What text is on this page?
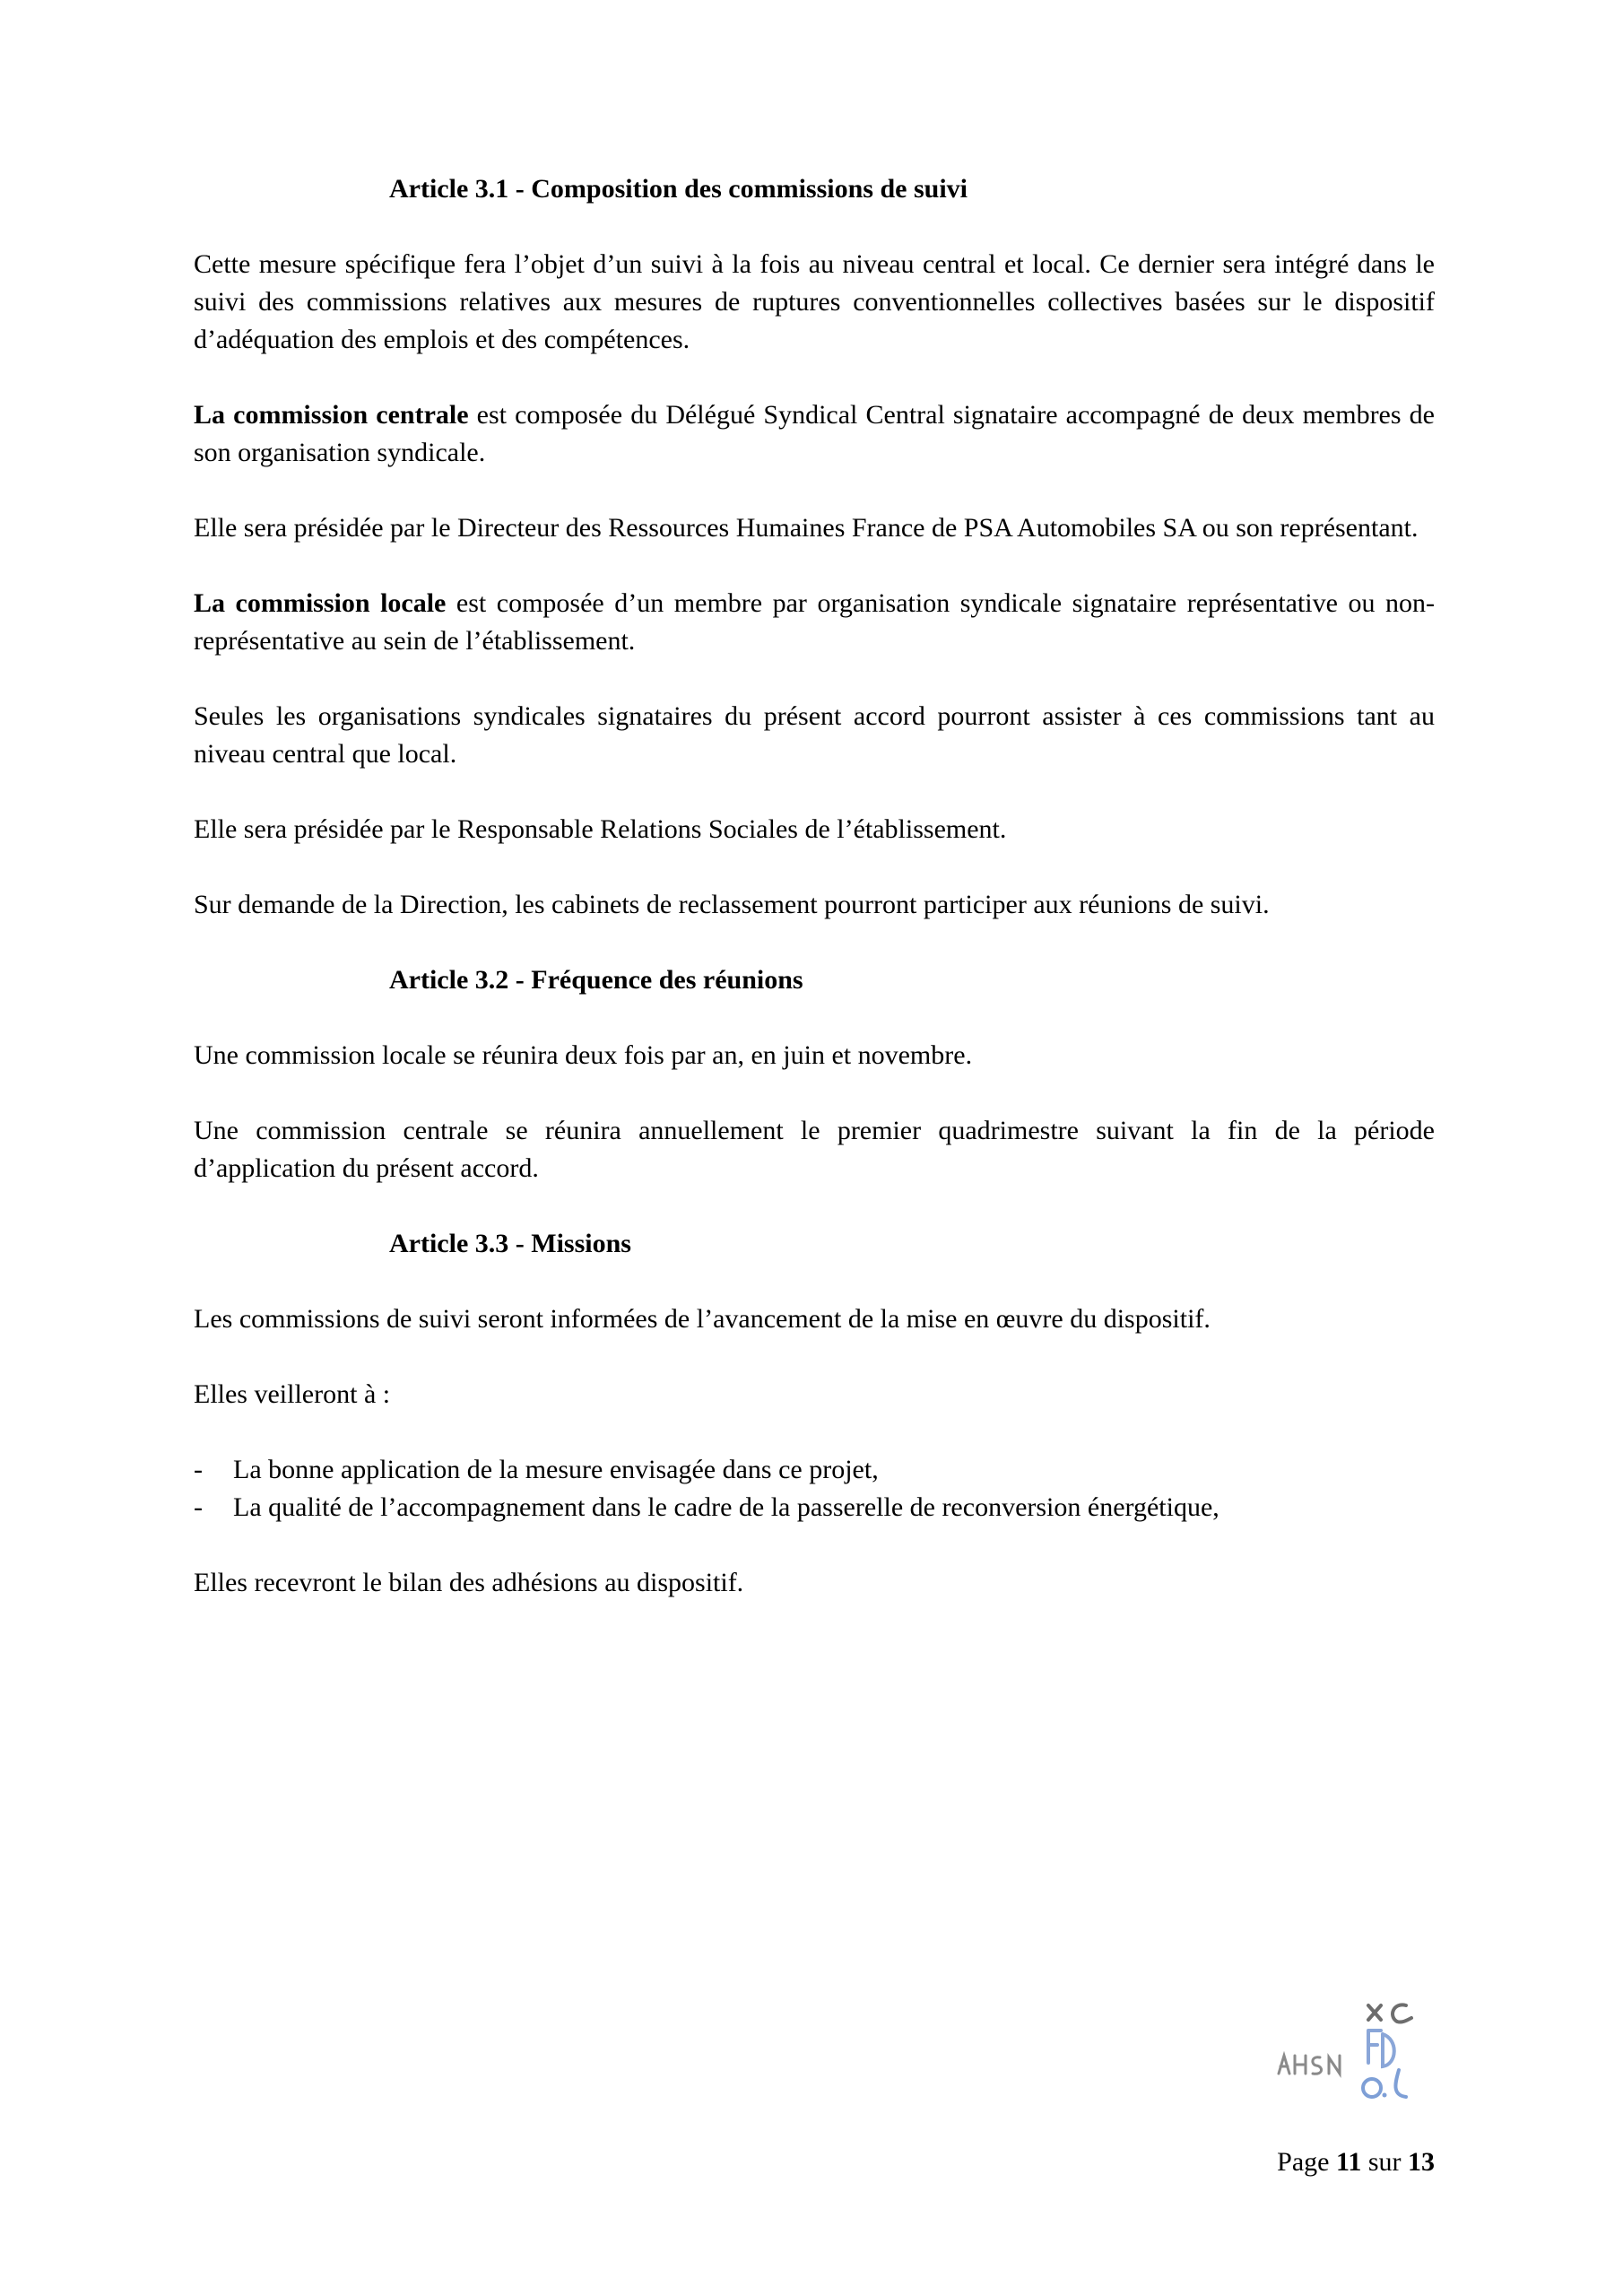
Article 3.1 - Composition des commissions de suivi

Cette mesure spécifique fera l’objet d’un suivi à la fois au niveau central et local. Ce dernier sera intégré dans le suivi des commissions relatives aux mesures de ruptures conventionnelles collectives basées sur le dispositif d’adéquation des emplois et des compétences.

La commission centrale est composée du Délégué Syndical Central signataire accompagné de deux membres de son organisation syndicale.

Elle sera présidée par le Directeur des Ressources Humaines France de PSA Automobiles SA ou son représentant.

La commission locale est composée d’un membre par organisation syndicale signataire représentative ou non-représentative au sein de l’établissement.

Seules les organisations syndicales signataires du présent accord pourront assister à ces commissions tant au niveau central que local.

Elle sera présidée par le Responsable Relations Sociales de l’établissement.

Sur demande de la Direction, les cabinets de reclassement pourront participer aux réunions de suivi.

Article 3.2 - Fréquence des réunions

Une commission locale se réunira deux fois par an, en juin et novembre.

Une commission centrale se réunira annuellement le premier quadrimestre suivant la fin de la période d’application du présent accord.

Article 3.3 - Missions

Les commissions de suivi seront informées de l’avancement de la mise en œuvre du dispositif.

Elles veilleront à :

- La bonne application de la mesure envisagée dans ce projet,
- La qualité de l’accompagnement dans le cadre de la passerelle de reconversion énergétique,

Elles recevront le bilan des adhésions au dispositif.

Page 11 sur 13
